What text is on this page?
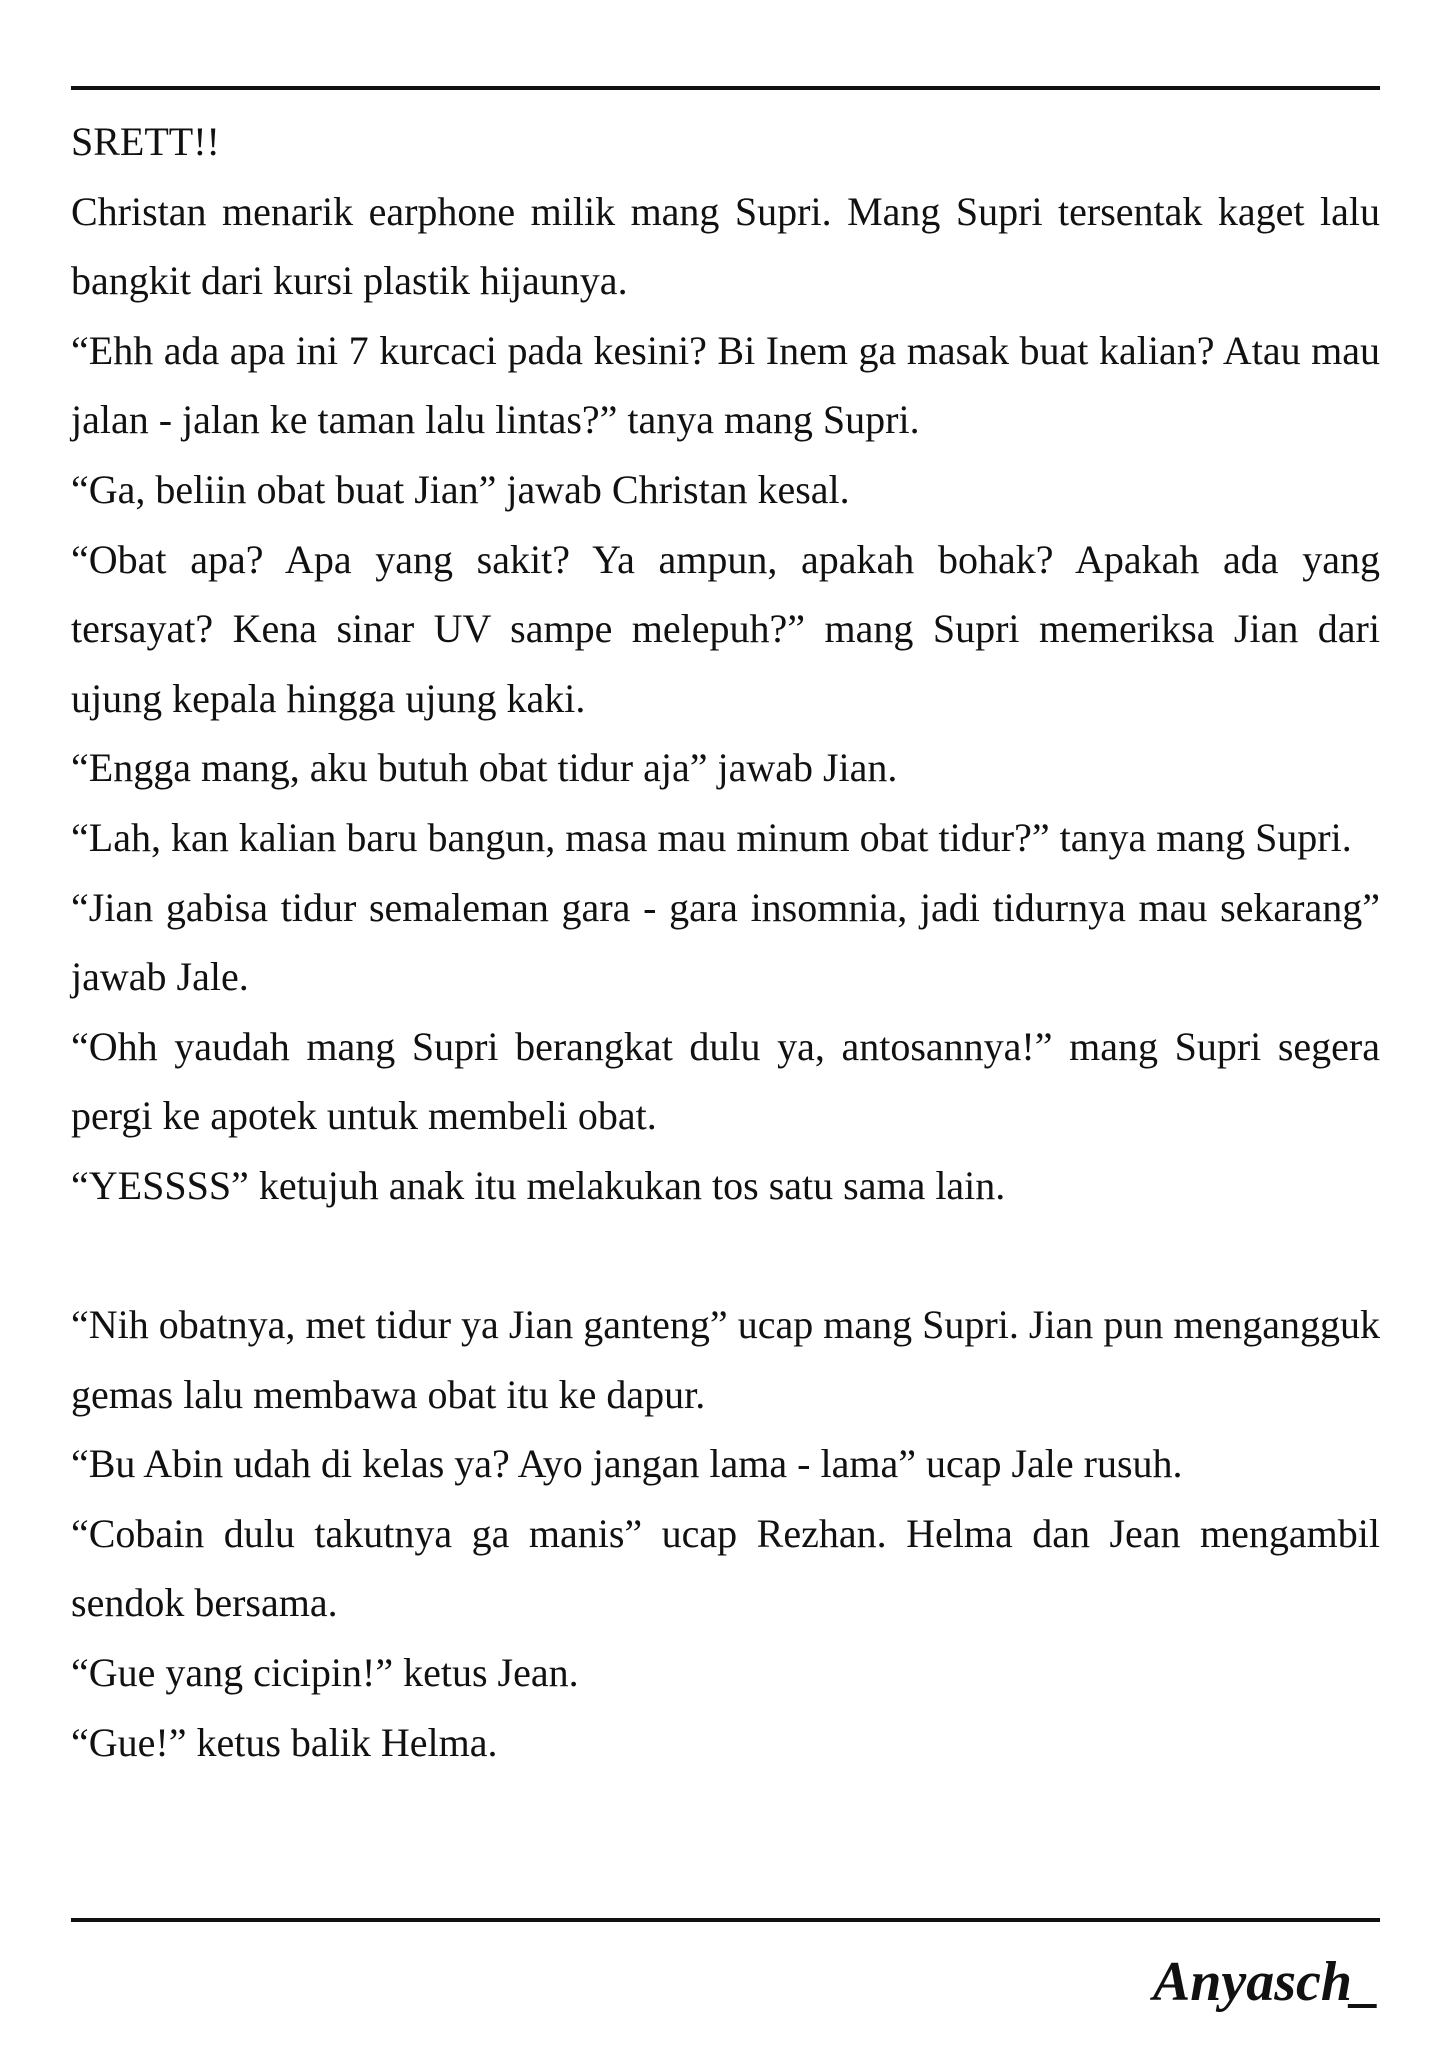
SRETT!!

Christan menarik earphone milik mang Supri. Mang Supri tersentak kaget lalu bangkit dari kursi plastik hijaunya.

“Ehh ada apa ini 7 kurcaci pada kesini? Bi Inem ga masak buat kalian? Atau mau jalan - jalan ke taman lalu lintas?” tanya mang Supri.

“Ga, beliin obat buat Jian” jawab Christan kesal.

“Obat apa? Apa yang sakit? Ya ampun, apakah bohak? Apakah ada yang tersayat? Kena sinar UV sampe melepuh?” mang Supri memeriksa Jian dari ujung kepala hingga ujung kaki.

“Engga mang, aku butuh obat tidur aja” jawab Jian.

“Lah, kan kalian baru bangun, masa mau minum obat tidur?” tanya mang Supri.

“Jian gabisa tidur semaleman gara - gara insomnia, jadi tidurnya mau sekarang” jawab Jale.

“Ohh yaudah mang Supri berangkat dulu ya, antosannya!” mang Supri segera pergi ke apotek untuk membeli obat.

“YESSSS” ketujuh anak itu melakukan tos satu sama lain.

“Nih obatnya, met tidur ya Jian ganteng” ucap mang Supri. Jian pun mengangguk gemas lalu membawa obat itu ke dapur.

“Bu Abin udah di kelas ya? Ayo jangan lama - lama” ucap Jale rusuh.

“Cobain dulu takutnya ga manis” ucap Rezhan. Helma dan Jean mengambil sendok bersama.

“Gue yang cicipin!” ketus Jean.

“Gue!” ketus balik Helma.

Anyasch_
